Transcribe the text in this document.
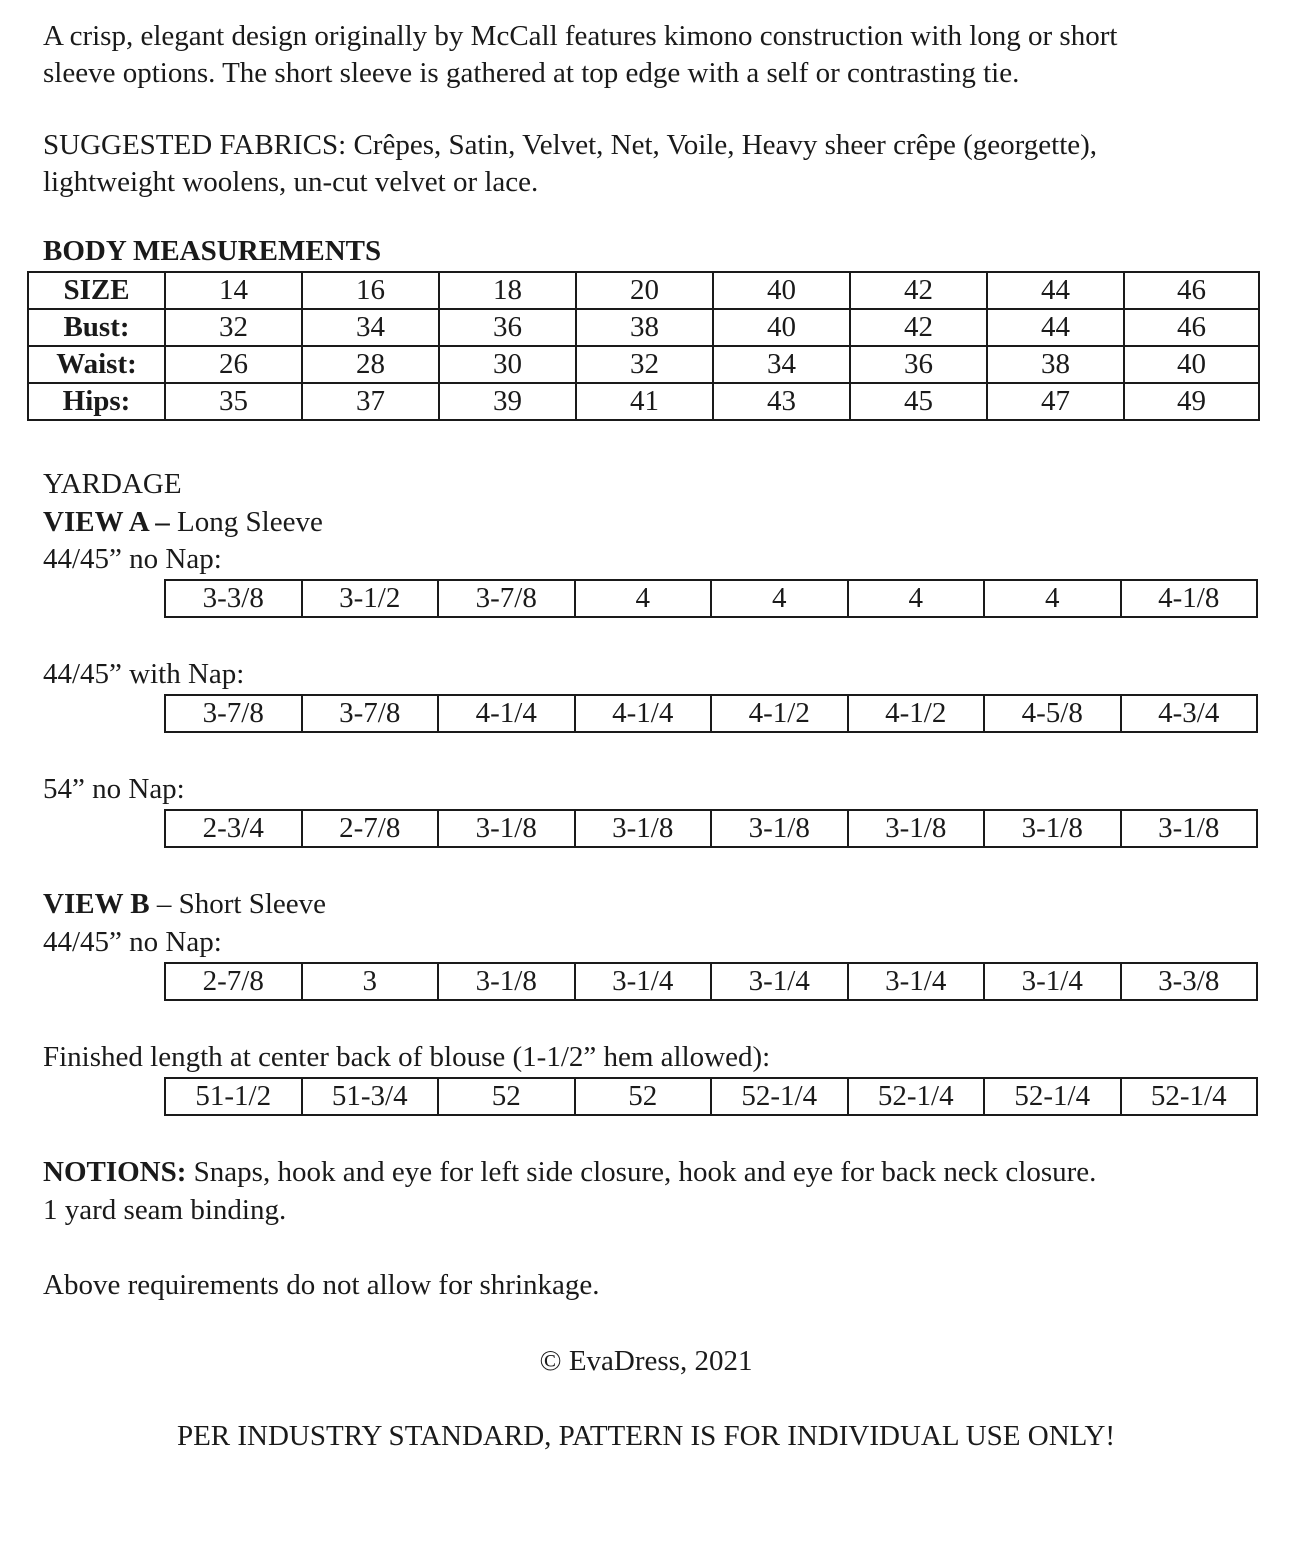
A crisp, elegant design originally by McCall features kimono construction with long or short
sleeve options. The short sleeve is gathered at top edge with a self or contrasting tie.
SUGGESTED FABRICS: Crêpes, Satin, Velvet, Net, Voile, Heavy sheer crêpe (georgette),
lightweight woolens, un-cut velvet or lace.
BODY MEASUREMENTS
SIZE	14	16	18	20	40	42	44	46
Bust:	32	34	36	38	40	42	44	46
Waist:	26	28	30	32	34	36	38	40
Hips:	35	37	39	41	43	45	47	49
YARDAGE
VIEW A – Long Sleeve
44/45” no Nap:
3-3/8	3-1/2	3-7/8	4	4	4	4	4-1/8
44/45” with Nap:
3-7/8	3-7/8	4-1/4	4-1/4	4-1/2	4-1/2	4-5/8	4-3/4
54” no Nap:
2-3/4	2-7/8	3-1/8	3-1/8	3-1/8	3-1/8	3-1/8	3-1/8
VIEW B – Short Sleeve
44/45” no Nap:
2-7/8	3	3-1/8	3-1/4	3-1/4	3-1/4	3-1/4	3-3/8
Finished length at center back of blouse (1-1/2” hem allowed):
51-1/2	51-3/4	52	52	52-1/4	52-1/4	52-1/4	52-1/4
NOTIONS: Snaps, hook and eye for left side closure, hook and eye for back neck closure.
1 yard seam binding.
Above requirements do not allow for shrinkage.
© EvaDress, 2021
PER INDUSTRY STANDARD, PATTERN IS FOR INDIVIDUAL USE ONLY!
